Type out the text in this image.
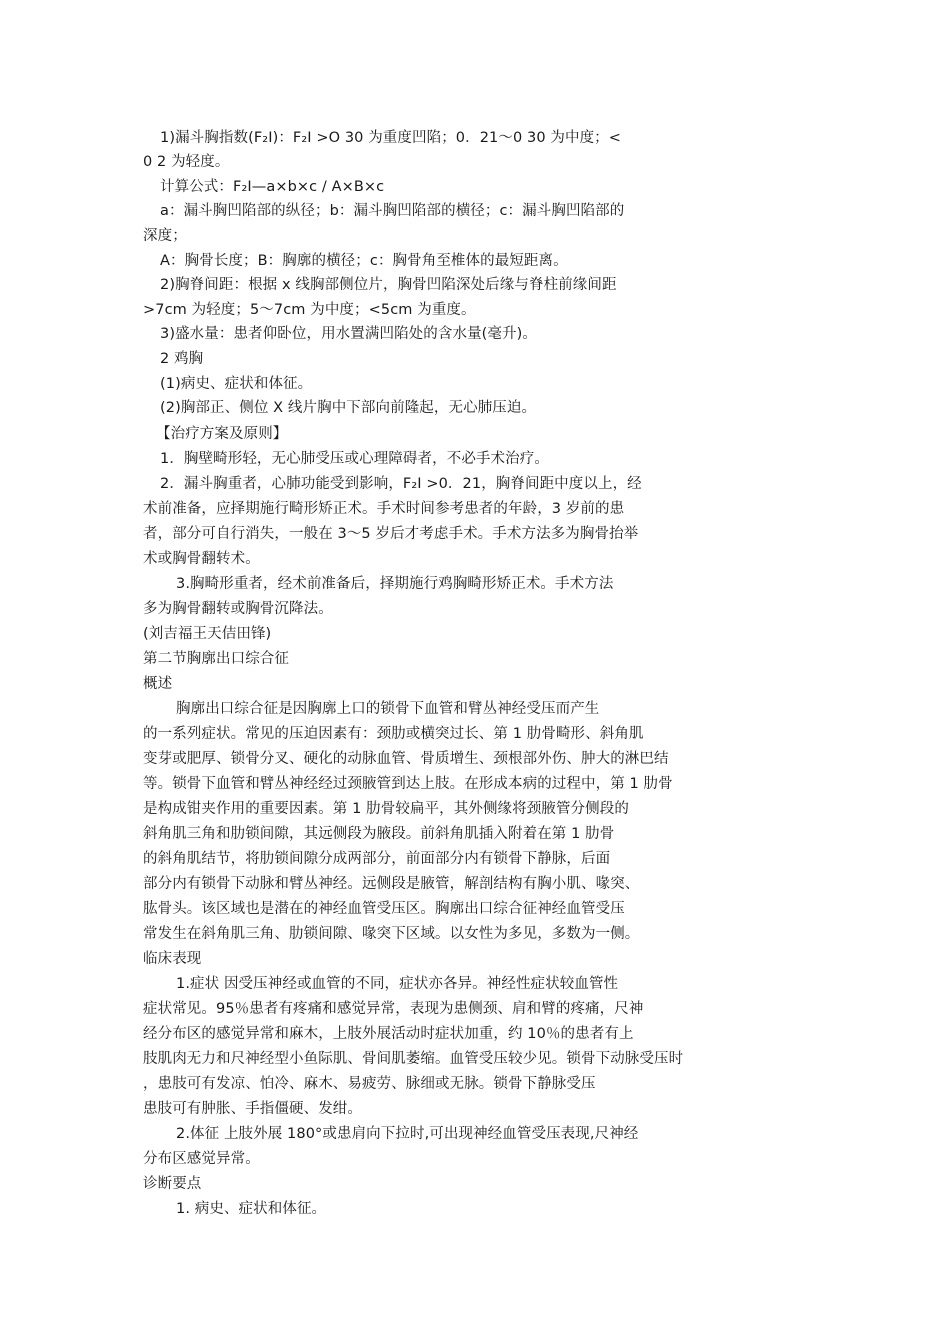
1)漏斗胸指数(F₂I)：F₂I >O 30 为重度凹陷；0．21～0 30 为中度；<
0 2 为轻度。
计算公式：F₂I—a×b×c / A×B×c
a：漏斗胸凹陷部的纵径；b：漏斗胸凹陷部的横径；c：漏斗胸凹陷部的
深度；
A：胸骨长度；B：胸廓的横径；c：胸骨角至椎体的最短距离。
2)胸脊间距：根据 x 线胸部侧位片，胸骨凹陷深处后缘与脊柱前缘间距
>7cm 为轻度；5～7cm 为中度；<5cm 为重度。
3)盛水量：患者仰卧位，用水置满凹陷处的含水量(毫升)。
2 鸡胸
(1)病史、症状和体征。
(2)胸部正、侧位 X 线片胸中下部向前隆起，无心肺压迫。
【治疗方案及原则】
1．胸壁畸形轻，无心肺受压或心理障碍者，不必手术治疗。
2．漏斗胸重者，心肺功能受到影响，F₂I >0．21，胸脊间距中度以上，经
术前准备，应择期施行畸形矫正术。手术时间参考患者的年龄，3 岁前的患
者，部分可自行消失，一般在 3～5 岁后才考虑手术。手术方法多为胸骨抬举
术或胸骨翻转术。
3.胸畸形重者，经术前准备后，择期施行鸡胸畸形矫正术。手术方法
多为胸骨翻转或胸骨沉降法。
(刘吉福王天佶田锋)
第二节胸廓出口综合征
概述
胸廓出口综合征是因胸廓上口的锁骨下血管和臂丛神经受压而产生
的一系列症状。常见的压迫因素有：颈肋或横突过长、第 1 肋骨畸形、斜角肌
变芽或肥厚、锁骨分叉、硬化的动脉血管、骨质增生、颈根部外伤、肿大的淋巴结
等。锁骨下血管和臂丛神经经过颈腋管到达上肢。在形成本病的过程中，第 1 肋骨
是构成钳夹作用的重要因素。第 1 肋骨较扁平，其外侧缘将颈腋管分侧段的
斜角肌三角和肋锁间隙，其远侧段为腋段。前斜角肌插入附着在第 1 肋骨
的斜角肌结节，将肋锁间隙分成两部分，前面部分内有锁骨下静脉，后面
部分内有锁骨下动脉和臂丛神经。远侧段是腋管，解剖结构有胸小肌、喙突、
肱骨头。该区域也是潜在的神经血管受压区。胸廓出口综合征神经血管受压
常发生在斜角肌三角、肋锁间隙、喙突下区域。以女性为多见，多数为一侧。
临床表现
1.症状 因受压神经或血管的不同，症状亦各异。神经性症状较血管性
症状常见。95％患者有疼痛和感觉异常，表现为患侧颈、肩和臂的疼痛，尺神
经分布区的感觉异常和麻木，上肢外展活动时症状加重，约 10％的患者有上
肢肌肉无力和尺神经型小鱼际肌、骨间肌萎缩。血管受压较少见。锁骨下动脉受压时
，患肢可有发凉、怕冷、麻木、易疲劳、脉细或无脉。锁骨下静脉受压
患肢可有肿胀、手指僵硬、发绀。
2.体征 上肢外展 180°或患肩向下拉时,可出现神经血管受压表现,尺神经
分布区感觉异常。
诊断要点
1. 病史、症状和体征。
